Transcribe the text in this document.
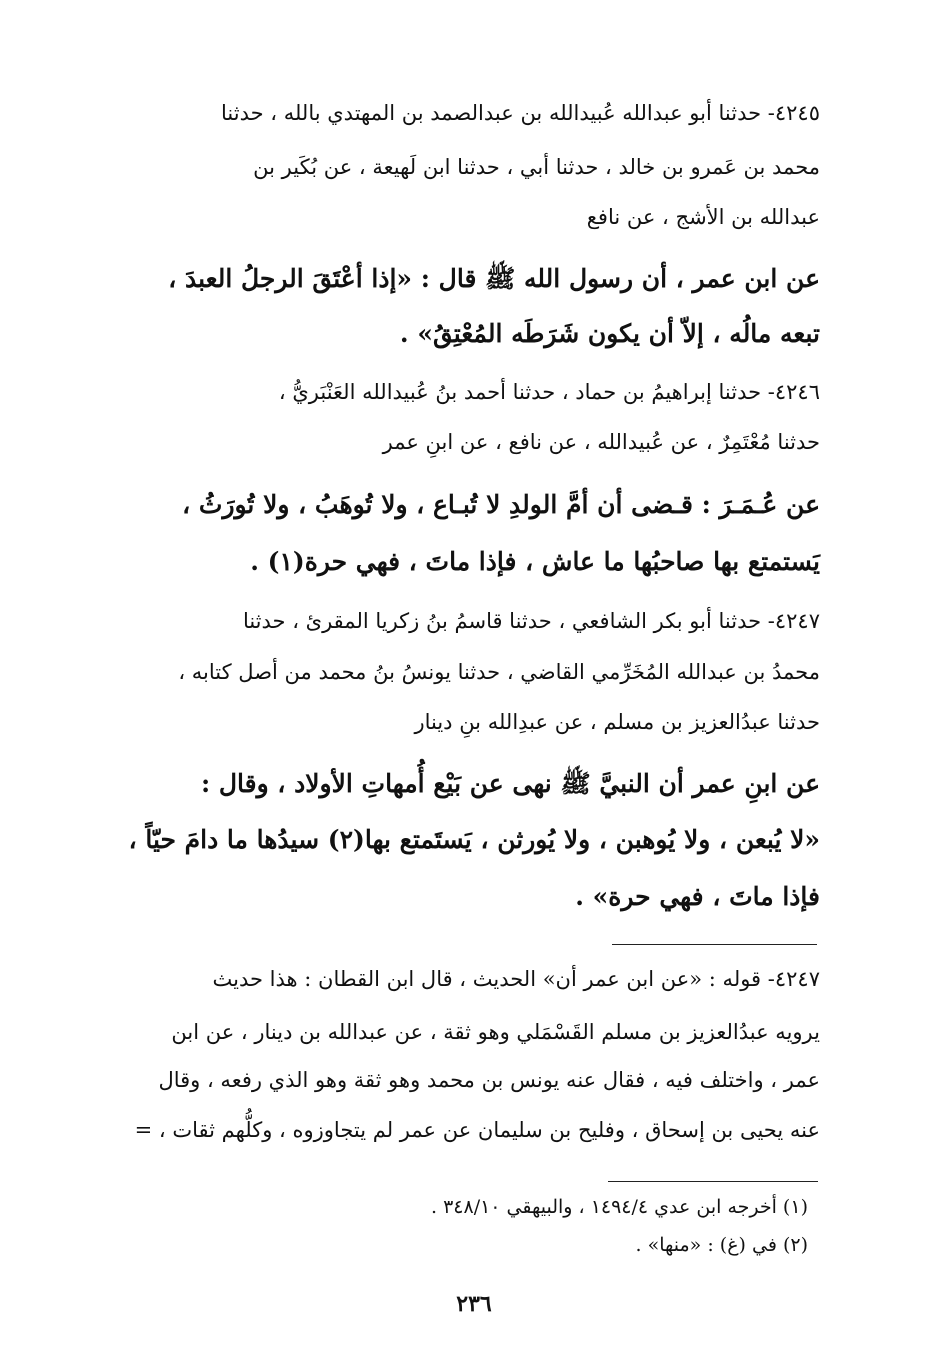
٤٢٤٥- حدثنا أبو عبدالله عُبيدالله بن عبدالصمد بن المهتدي بالله ، حدثنا
محمد بن عَمرو بن خالد ، حدثنا أبي ، حدثنا ابن لَهيعة ، عن بُكَير بن
عبدالله بن الأشج ، عن نافع
عن ابن عمر ، أن رسول الله ﷺ قال : «إذا أعْتَقَ الرجلُ العبدَ ،
تبعه مالُه ، إلاّ أن يكون شَرَطَه المُعْتِقُ» .
٤٢٤٦- حدثنا إبراهيمُ بن حماد ، حدثنا أحمد بنُ عُبيدالله العَنْبَريُّ ،
حدثنا مُعْتَمِرٌ ، عن عُبيدالله ، عن نافع ، عن ابنِ عمر
عن عُـمَـرَ : قـضى أن أمَّ الولدِ لا تُبـاع ، ولا تُوهَبُ ، ولا تُورَثُ ،
يَستمتع بها صاحبُها ما عاش ، فإذا ماتَ ، فهي حرة(١) .
٤٢٤٧- حدثنا أبو بكر الشافعي ، حدثنا قاسمُ بنُ زكريا المقرئ ، حدثنا
محمدُ بن عبدالله المُخَرِّمي القاضي ، حدثنا يونسُ بنُ محمد من أصل كتابه ،
حدثنا عبدُالعزيز بن مسلم ، عن عبدِالله بنِ دينار
عن ابنِ عمر أن النبيَّ ﷺ نهى عن بَيْع أُمهاتِ الأولاد ، وقال :
«لا يُبعن ، ولا يُوهبن ، ولا يُورثن ، يَستَمتع بها(٢) سيدُها ما دامَ حيّاً ،
فإذا ماتَ ، فهي حرة» .
٤٢٤٧- قوله : «عن ابن عمر أن» الحديث ، قال ابن القطان : هذا حديث
يرويه عبدُالعزيز بن مسلم القَسْمَلي وهو ثقة ، عن عبدالله بن دينار ، عن ابن
عمر ، واختلف فيه ، فقال عنه يونس بن محمد وهو ثقة وهو الذي رفعه ، وقال
عنه يحيى بن إسحاق ، وفليح بن سليمان عن عمر لم يتجاوزوه ، وكلُّهم ثقات ، =
(١) أخرجه ابن عدي ١٤٩٤/٤ ، والبيهقي ٣٤٨/١٠ .
(٢) في (غ) : «منها» .
٢٣٦
